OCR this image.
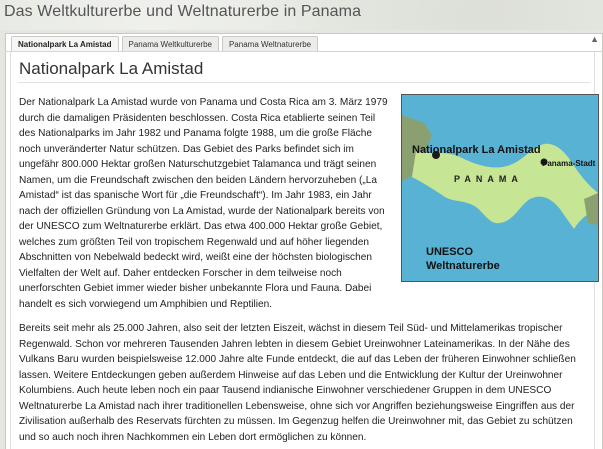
Das Weltkulturerbe und Weltnaturerbe in Panama
Nationalpark La Amistad	Panama Weltkulturerbe	Panama Weltnaturerbe
▲
Nationalpark La Amistad

Der Nationalpark La Amistad wurde von Panama und Costa Rica am 3. März 1979 durch die damaligen Präsidenten beschlossen. Costa Rica etablierte seinen Teil des Nationalparks im Jahr 1982 und Panama folgte 1988, um die große Fläche noch unveränderter Natur schützen. Das Gebiet des Parks befindet sich im ungefähr 800.000 Hektar großen Naturschutzgebiet Talamanca und trägt seinen Namen, um die Freundschaft zwischen den beiden Ländern hervorzuheben („La Amistad“ ist das spanische Wort für „die Freundschaft“). Im Jahr 1983, ein Jahr nach der offiziellen Gründung von La Amistad, wurde der Nationalpark bereits von der UNESCO zum Weltnaturerbe erklärt. Das etwa 400.000 Hektar große Gebiet, welches zum größten Teil von tropischem Regenwald und auf höher liegenden Abschnitten von Nebelwald bedeckt wird, weißt eine der höchsten biologischen Vielfalten der Welt auf. Daher entdecken Forscher in dem teilweise noch unerforschten Gebiet immer wieder bisher unbekannte Flora und Fauna. Dabei handelt es sich vorwiegend um Amphibien und Reptilien.

Nationalpark La Amistad
Panama-Stadt
PANAMA
UNESCO
Weltnaturerbe

Bereits seit mehr als 25.000 Jahren, also seit der letzten Eiszeit, wächst in diesem Teil Süd- und Mittelamerikas tropischer Regenwald. Schon vor mehreren Tausenden Jahren lebten in diesem Gebiet Ureinwohner Lateinamerikas. In der Nähe des Vulkans Baru wurden beispielsweise 12.000 Jahre alte Funde entdeckt, die auf das Leben der früheren Einwohner schließen lassen. Weitere Entdeckungen geben außerdem Hinweise auf das Leben und die Entwicklung der Kultur der Ureinwohner Kolumbiens. Auch heute leben noch ein paar Tausend indianische Einwohner verschiedener Gruppen in dem UNESCO Weltnaturerbe La Amistad nach ihrer traditionellen Lebensweise, ohne sich vor Angriffen beziehungsweise Eingriffen aus der Zivilisation außerhalb des Reservats fürchten zu müssen. Im Gegenzug helfen die Ureinwohner mit, das Gebiet zu schützen und so auch noch ihren Nachkommen ein Leben dort ermöglichen zu können.
